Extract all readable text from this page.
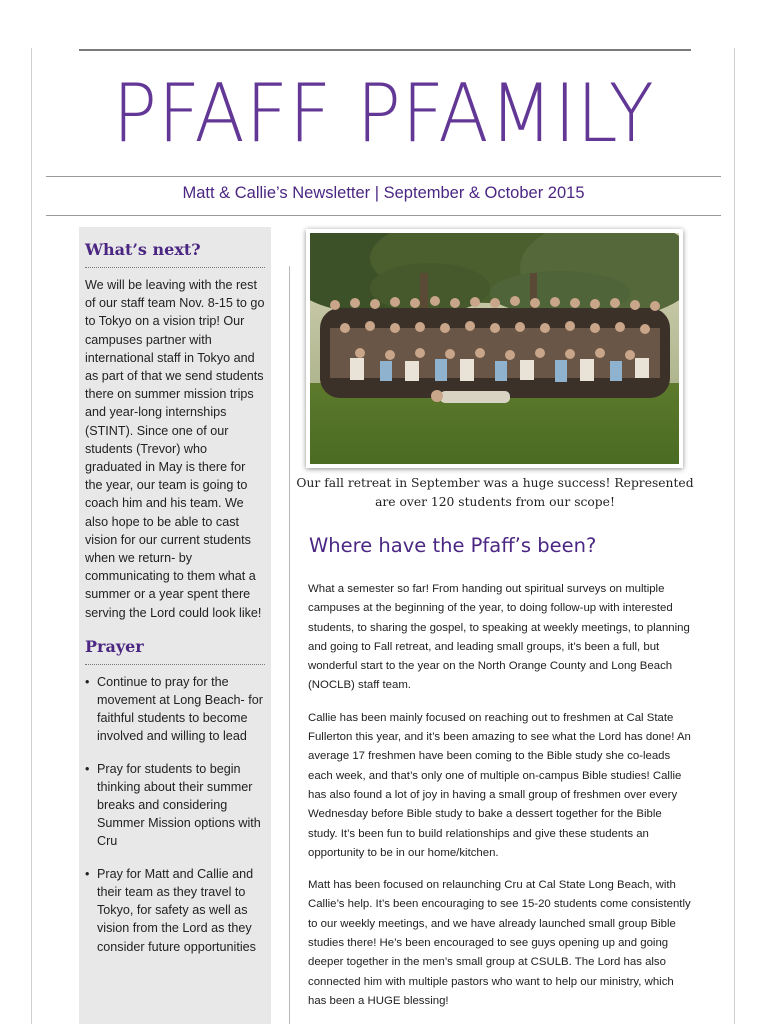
PFAFF PFAMILY
Matt & Callie’s Newsletter | September & October 2015
What’s next?
We will be leaving with the rest of our staff team Nov. 8-15 to go to Tokyo on a vision trip! Our campuses partner with international staff in Tokyo and as part of that we send students there on summer mission trips and year-long internships (STINT). Since one of our students (Trevor) who graduated in May is there for the year, our team is going to coach him and his team. We also hope to be able to cast vision for our current students when we return- by communicating to them what a summer or a year spent there serving the Lord could look like!
Prayer
• Continue to pray for the movement at Long Beach- for faithful students to become involved and willing to lead
• Pray for students to begin thinking about their summer breaks and considering Summer Mission options with Cru
• Pray for Matt and Callie and their team as they travel to Tokyo, for safety as well as vision from the Lord as they consider future opportunities
Our fall retreat in September was a huge success! Represented are over 120 students from our scope!
Where have the Pfaff’s been?

What a semester so far! From handing out spiritual surveys on multiple campuses at the beginning of the year, to doing follow-up with interested students, to sharing the gospel, to speaking at weekly meetings, to planning and going to Fall retreat, and leading small groups, it’s been a full, but wonderful start to the year on the North Orange County and Long Beach (NOCLB) staff team.

Callie has been mainly focused on reaching out to freshmen at Cal State Fullerton this year, and it’s been amazing to see what the Lord has done! An average 17 freshmen have been coming to the Bible study she co-leads each week, and that’s only one of multiple on-campus Bible studies! Callie has also found a lot of joy in having a small group of freshmen over every Wednesday before Bible study to bake a dessert together for the Bible study. It’s been fun to build relationships and give these students an opportunity to be in our home/kitchen.

Matt has been focused on relaunching Cru at Cal State Long Beach, with Callie’s help. It’s been encouraging to see 15-20 students come consistently to our weekly meetings, and we have already launched small group Bible studies there! He’s been encouraged to see guys opening up and going deeper together in the men’s small group at CSULB. The Lord has also connected him with multiple pastors who want to help our ministry, which has been a HUGE blessing!
